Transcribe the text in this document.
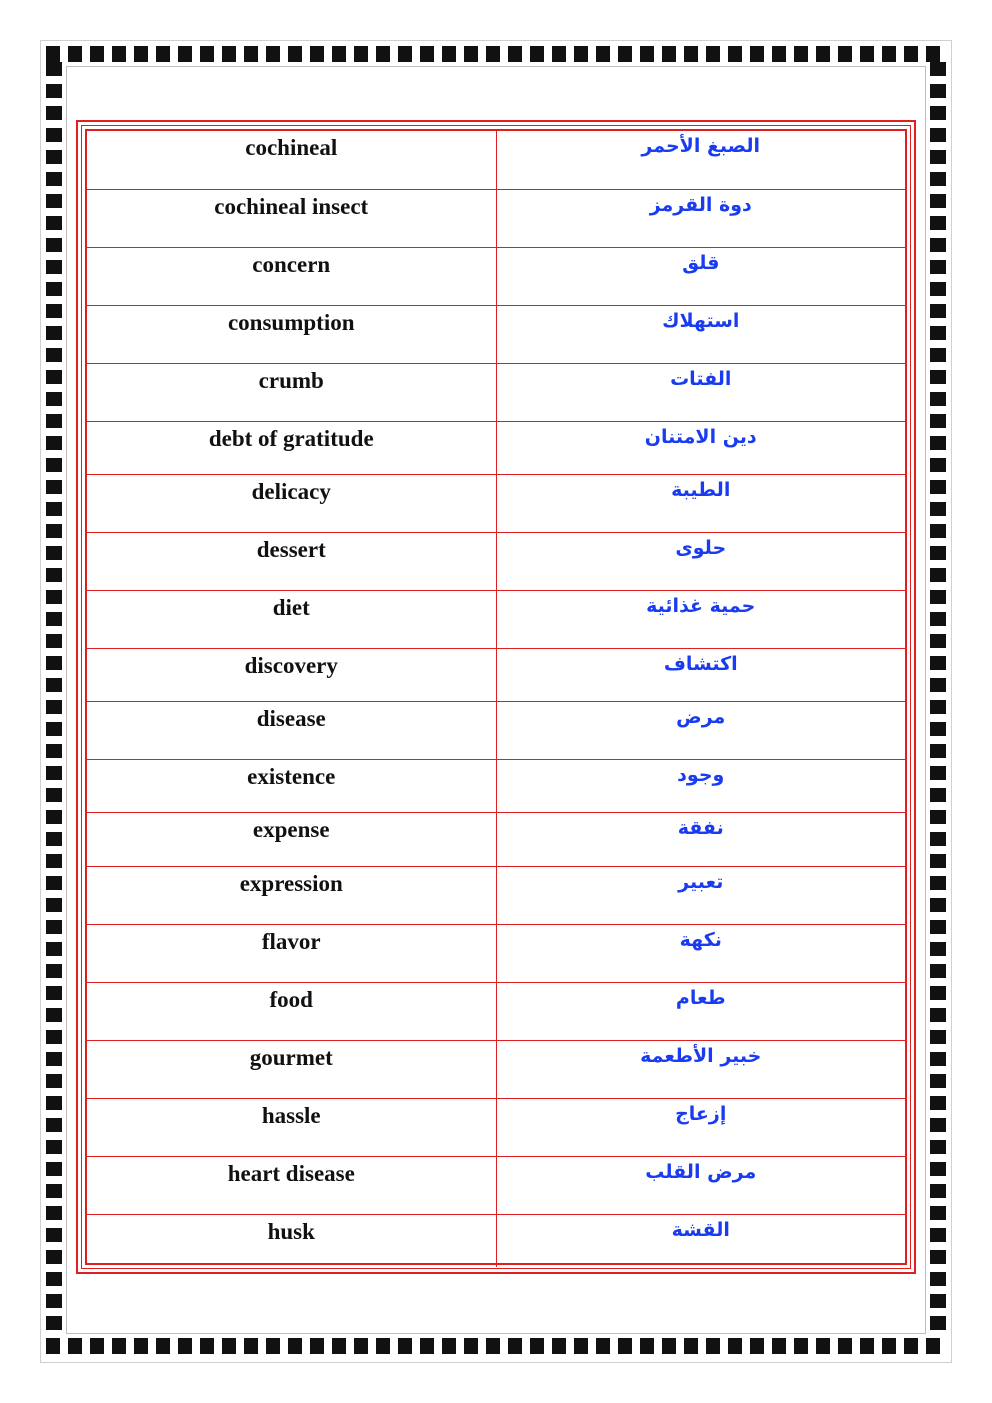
cochineal	الصبغ الأحمر
cochineal insect	دوة القرمز
concern	قلق
consumption	استهلاك
crumb	الفتات
debt of gratitude	دين الامتنان
delicacy	الطيبة
dessert	حلوى
diet	حمية غذائية
discovery	اكتشاف
disease	مرض
existence	وجود
expense	نفقة
expression	تعبير
flavor	نكهة
food	طعام
gourmet	خبير الأطعمة
hassle	إزعاج
heart disease	مرض القلب
husk	القشة
